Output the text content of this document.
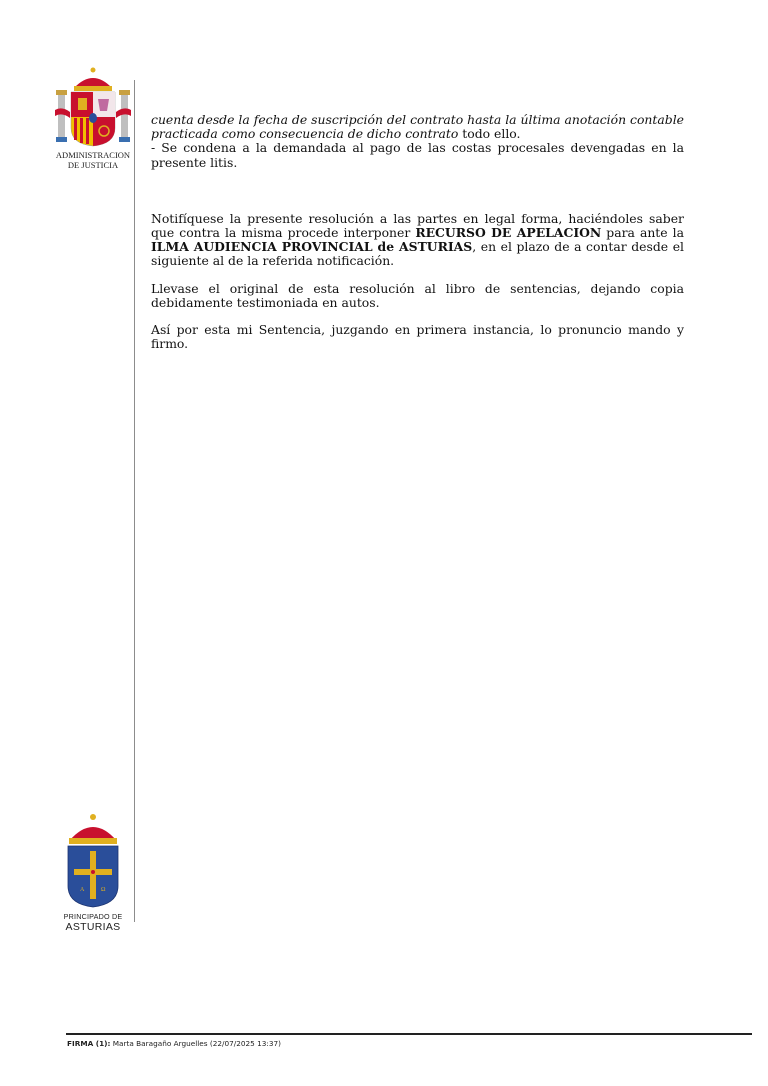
ADMINISTRACION
DE JUSTICIA

cuenta desde la fecha de suscripción del contrato hasta la última anotación contable practicada como consecuencia de dicho contrato todo ello.

- Se condena a la demandada al pago de las costas procesales devengadas en la presente litis.

Notifíquese la presente resolución a las partes en legal forma, haciéndoles saber que contra la misma procede interponer RECURSO DE APELACION para ante la ILMA AUDIENCIA PROVINCIAL de ASTURIAS, en el plazo de a contar desde el siguiente al de la referida notificación.

Llevase el original de esta resolución al libro de sentencias, dejando copia debidamente testimoniada en autos.

Así por esta mi Sentencia, juzgando en primera instancia, lo pronuncio mando y firmo.

A	Ω
PRINCIPADO DE
ASTURIAS
FIRMA (1): Marta Baragaño Arguelles (22/07/2025 13:37)
